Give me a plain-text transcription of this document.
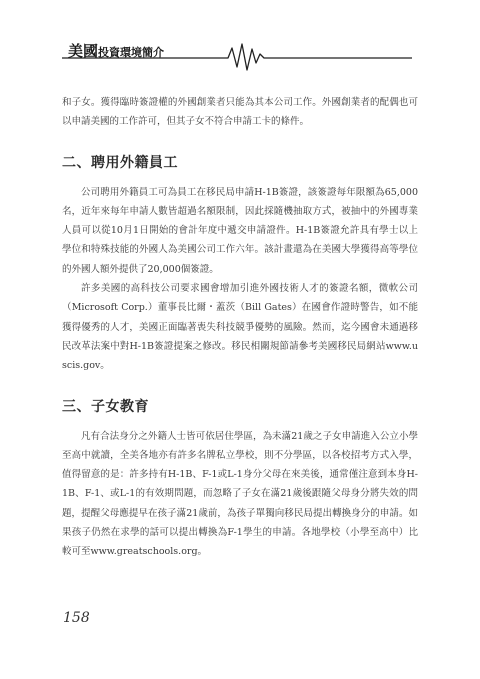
美國投資環境簡介

和子女。獲得臨時簽證權的外國創業者只能為其本公司工作。外國創業者的配偶也可以申請美國的工作許可，但其子女不符合申請工卡的條件。

二、聘用外籍員工

公司聘用外籍員工可為員工在移民局申請H-1B簽證，該簽證每年限額為65,000名，近年來每年申請人數皆超過名額限制，因此採隨機抽取方式，被抽中的外國專業人員可以從10月1日開始的會計年度中遞交申請證件。H-1B簽證允許具有學士以上學位和特殊技能的外國人為美國公司工作六年。該計畫還為在美國大學獲得高等學位的外國人額外提供了20,000個簽證。

許多美國的高科技公司要求國會增加引進外國技術人才的簽證名額，微軟公司（Microsoft Corp.）董事長比爾・蓋茨（Bill Gates）在國會作證時警告，如不能獲得優秀的人才，美國正面臨著喪失科技競爭優勢的風險。然而，迄今國會未通過移民改革法案中對H-1B簽證提案之修改。移民相關規節請參考美國移民局網站www.uscis.gov。

三、子女教育

凡有合法身分之外籍人士皆可依居住學區，為未滿21歲之子女申請進入公立小學至高中就讀，全美各地亦有許多名牌私立學校，則不分學區，以各校招考方式入學，值得留意的是：許多持有H-1B、F-1或L-1身分父母在來美後，通常僅注意到本身H-1B、F-1、或L-1的有效期問題，而忽略了子女在滿21歲後跟隨父母身分將失效的問題，提醒父母應提早在孩子滿21歲前，為孩子單獨向移民局提出轉換身分的申請。如果孩子仍然在求學的話可以提出轉換為F-1學生的申請。各地學校（小學至高中）比較可至www.greatschools.org。

158
